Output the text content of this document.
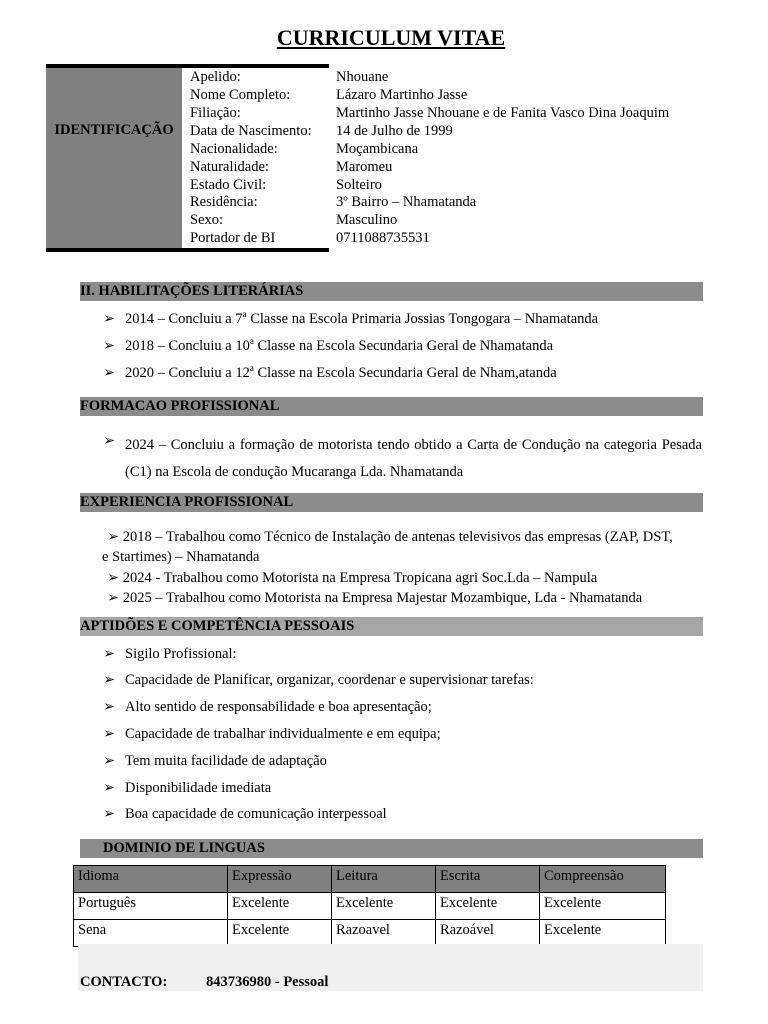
CURRICULUM VITAE
IDENTIFICAÇÃO
Apelido:	Nhouane
Nome Completo:	Lázaro Martinho Jasse
Filiação:	Martinho Jasse Nhouane e de Fanita Vasco Dina Joaquim
Data de Nascimento: 14 de Julho de 1999
Nacionalidade:	Moçambicana
Naturalidade:	Maromeu
Estado Civil:	Solteiro
Residência:	3º Bairro – Nhamatanda
Sexo:	Masculino
Portador de BI	0711088735531
II. HABILITAÇÕES LITERÁRIAS
➢ 2014 – Concluiu a 7$^a$ Classe na Escola Primaria Jossias Tongogara – Nhamatanda
➢ 2018 – Concluiu a 10$^a$ Classe na Escola Secundaria Geral de Nhamatanda
➢ 2020 – Concluiu a 12$^a$ Classe na Escola Secundaria Geral de Nham,atanda
FORMACAO PROFISSIONAL
➢ 2024 – Concluiu a formação de motorista tendo obtido a Carta de Condução na categoria Pesada (C1) na Escola de condução Mucaranga Lda. Nhamatanda
EXPERIENCIA PROFISSIONAL
➢ 2018 – Trabalhou como Técnico de Instalação de antenas televisivos das empresas (ZAP, DST,
e Startimes) – Nhamatanda
➢ 2024 - Trabalhou como Motorista na Empresa Tropicana agri Soc.Lda – Nampula
➢ 2025 – Trabalhou como Motorista na Empresa Majestar Mozambique, Lda - Nhamatanda
APTIDÕES E COMPETÊNCIA PESSOAIS
➢ Sigilo Profissional:
➢ Capacidade de Planificar, organizar, coordenar e supervisionar tarefas:
➢ Alto sentido de responsabilidade e boa apresentação;
➢ Capacidade de trabalhar individualmente e em equipa;
➢ Tem muita facilidade de adaptação
➢ Disponibilidade imediata
➢ Boa capacidade de comunicação interpessoal
DOMINIO DE LINGUAS
Idioma	Expressão	Leitura	Escrita	Compreensão
Português	Excelente	Excelente	Excelente	Excelente
Sena	Excelente	Razoavel	Razoável	Excelente
CONTACTO:	843736980 - Pessoal
